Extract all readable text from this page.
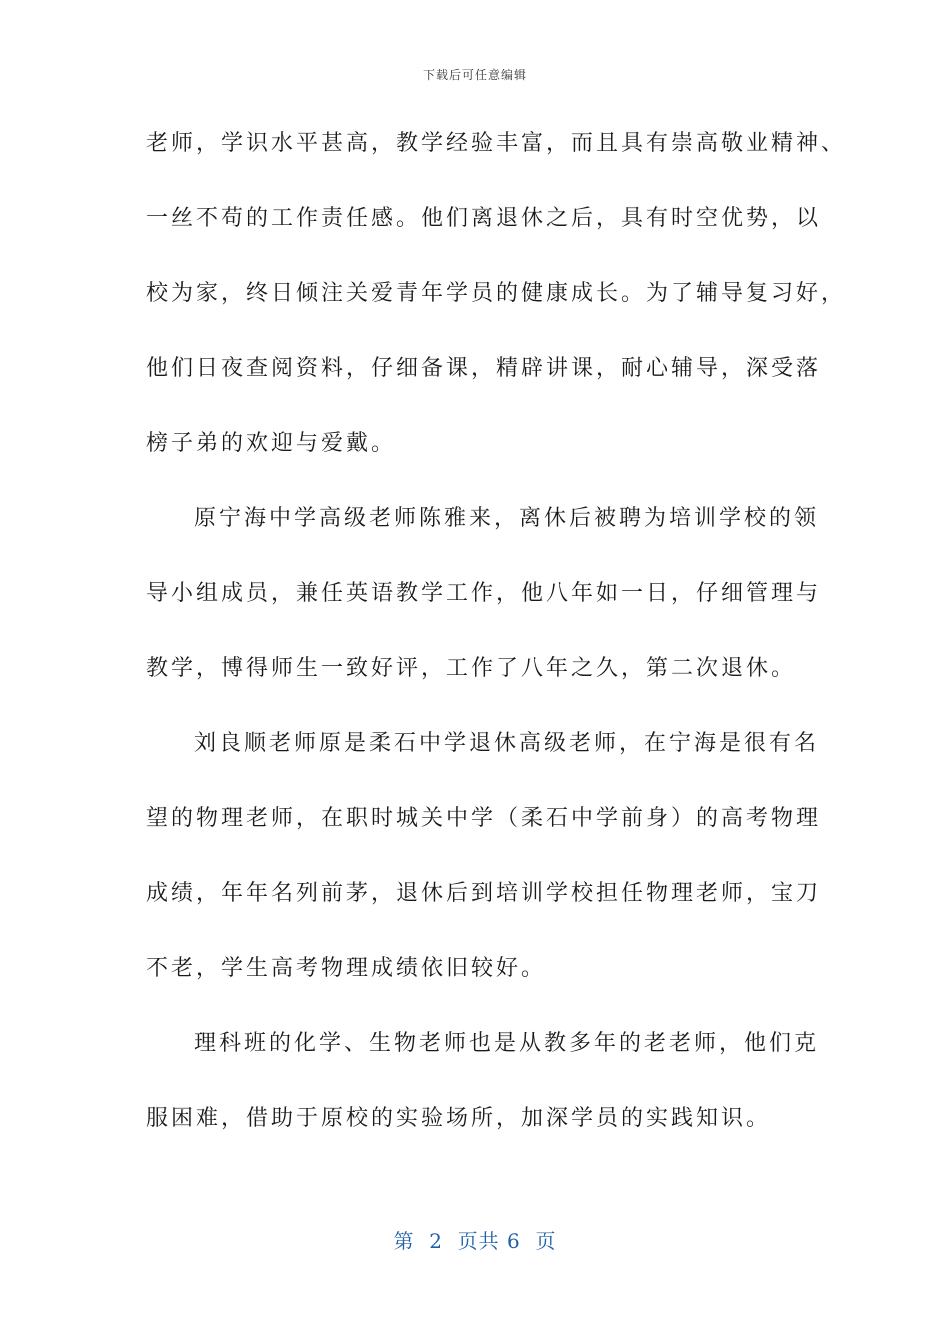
下载后可任意编辑
老师，学识水平甚高，教学经验丰富，而且具有崇高敬业精神、
一丝不苟的工作责任感。他们离退休之后，具有时空优势，以
校为家，终日倾注关爱青年学员的健康成长。为了辅导复习好，
他们日夜查阅资料，仔细备课，精辟讲课，耐心辅导，深受落
榜子弟的欢迎与爱戴。
原宁海中学高级老师陈雅来，离休后被聘为培训学校的领
导小组成员，兼任英语教学工作，他八年如一日，仔细管理与
教学，博得师生一致好评，工作了八年之久，第二次退休。
刘良顺老师原是柔石中学退休高级老师，在宁海是很有名
望的物理老师，在职时城关中学（柔石中学前身）的高考物理
成绩，年年名列前茅，退休后到培训学校担任物理老师，宝刀
不老，学生高考物理成绩依旧较好。
理科班的化学、生物老师也是从教多年的老老师，他们克
服困难，借助于原校的实验场所，加深学员的实践知识。
第  2  页共 6  页
